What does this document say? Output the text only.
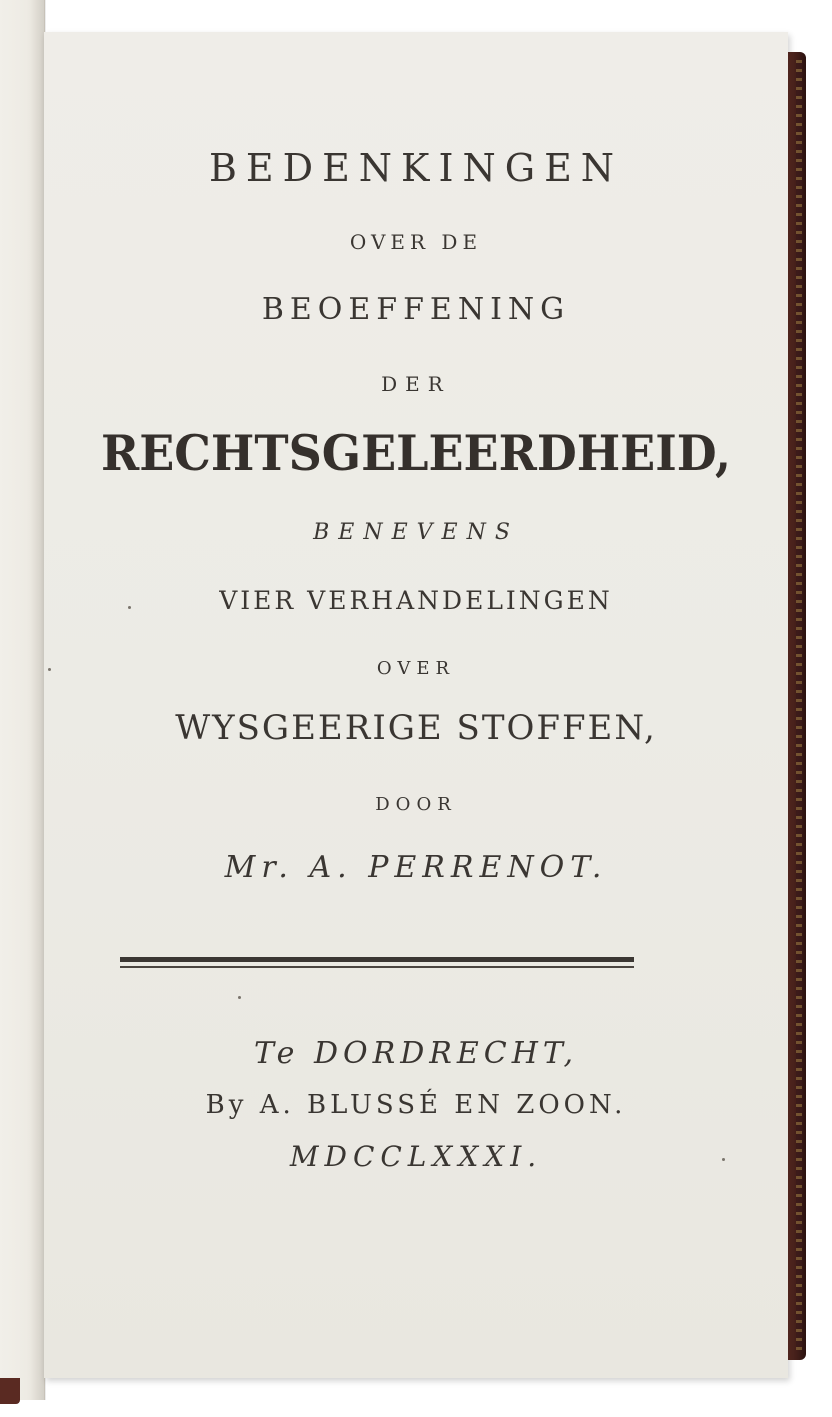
BEDENKINGEN
OVER DE
BEOEFFENING
DER
RECHTSGELEERDHEID,
BENEVENS
VIER VERHANDELINGEN
OVER
WYSGEERIGE STOFFEN,
DOOR
Mr. A. PERRENOT.
Te DORDRECHT,
By A. BLUSSÉ EN ZOON.
MDCCLXXXI.
